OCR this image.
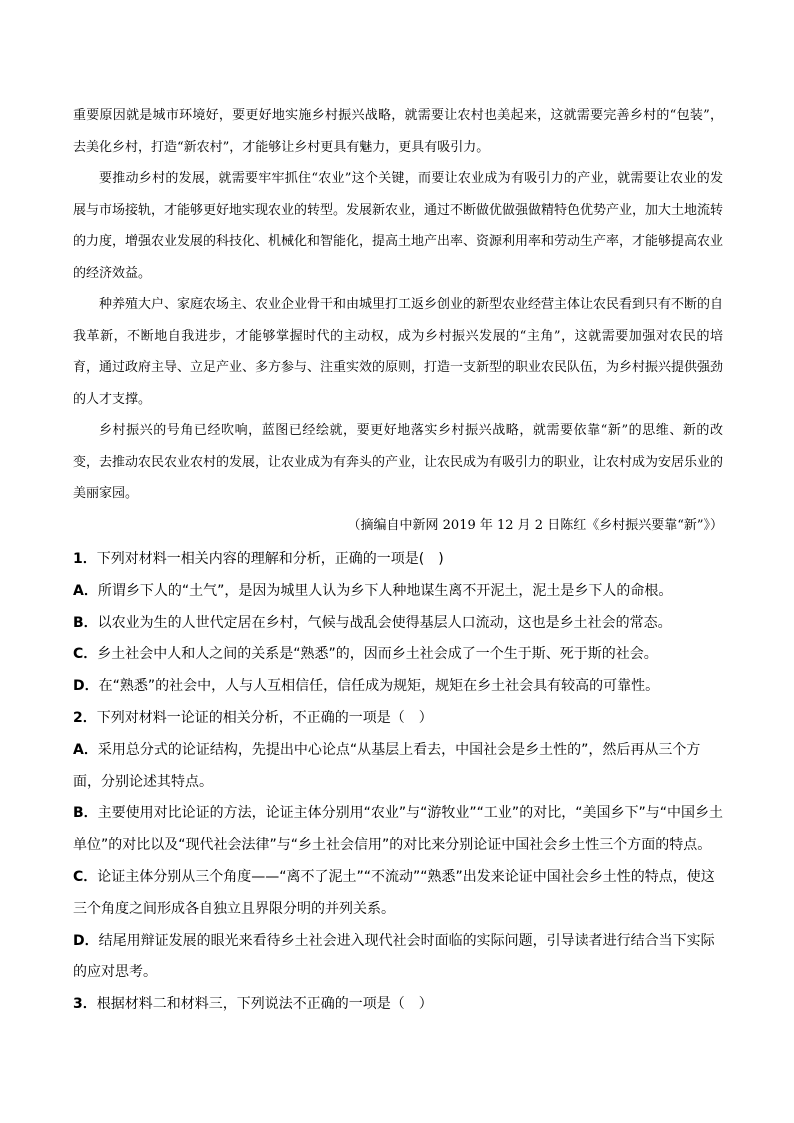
重要原因就是城市环境好，要更好地实施乡村振兴战略，就需要让农村也美起来，这就需要完善乡村的“包装”，去美化乡村，打造“新农村”，才能够让乡村更具有魅力，更具有吸引力。

要推动乡村的发展，就需要牢牢抓住“农业”这个关键，而要让农业成为有吸引力的产业，就需要让农业的发展与市场接轨，才能够更好地实现农业的转型。发展新农业，通过不断做优做强做精特色优势产业，加大土地流转的力度，增强农业发展的科技化、机械化和智能化，提高土地产出率、资源利用率和劳动生产率，才能够提高农业的经济效益。

种养殖大户、家庭农场主、农业企业骨干和由城里打工返乡创业的新型农业经营主体让农民看到只有不断的自我革新，不断地自我进步，才能够掌握时代的主动权，成为乡村振兴发展的“主角”，这就需要加强对农民的培育，通过政府主导、立足产业、多方参与、注重实效的原则，打造一支新型的职业农民队伍，为乡村振兴提供强劲的人才支撑。

乡村振兴的号角已经吹响，蓝图已经绘就，要更好地落实乡村振兴战略，就需要依靠“新”的思维、新的改变，去推动农民农业农村的发展，让农业成为有奔头的产业，让农民成为有吸引力的职业，让农村成为安居乐业的美丽家园。

（摘编自中新网 2019 年 12 月 2 日陈红《乡村振兴要靠“新”》）

1．下列对材料一相关内容的理解和分析，正确的一项是(　)

A．所谓乡下人的“土气”，是因为城里人认为乡下人种地谋生离不开泥土，泥土是乡下人的命根。

B．以农业为生的人世代定居在乡村，气候与战乱会使得基层人口流动，这也是乡土社会的常态。

C．乡土社会中人和人之间的关系是“熟悉”的，因而乡土社会成了一个生于斯、死于斯的社会。

D．在“熟悉”的社会中，人与人互相信任，信任成为规矩，规矩在乡土社会具有较高的可靠性。

2．下列对材料一论证的相关分析，不正确的一项是（　）

A．采用总分式的论证结构，先提出中心论点“从基层上看去，中国社会是乡土性的”，然后再从三个方面，分别论述其特点。

B．主要使用对比论证的方法，论证主体分别用“农业”与“游牧业”“工业”的对比，“美国乡下”与“中国乡土单位”的对比以及“现代社会法律”与“乡土社会信用”的对比来分别论证中国社会乡土性三个方面的特点。

C．论证主体分别从三个角度——“离不了泥土”“不流动”“熟悉”出发来论证中国社会乡土性的特点，使这三个角度之间形成各自独立且界限分明的并列关系。

D．结尾用辩证发展的眼光来看待乡土社会进入现代社会时面临的实际问题，引导读者进行结合当下实际的应对思考。

3．根据材料二和材料三，下列说法不正确的一项是（　）
